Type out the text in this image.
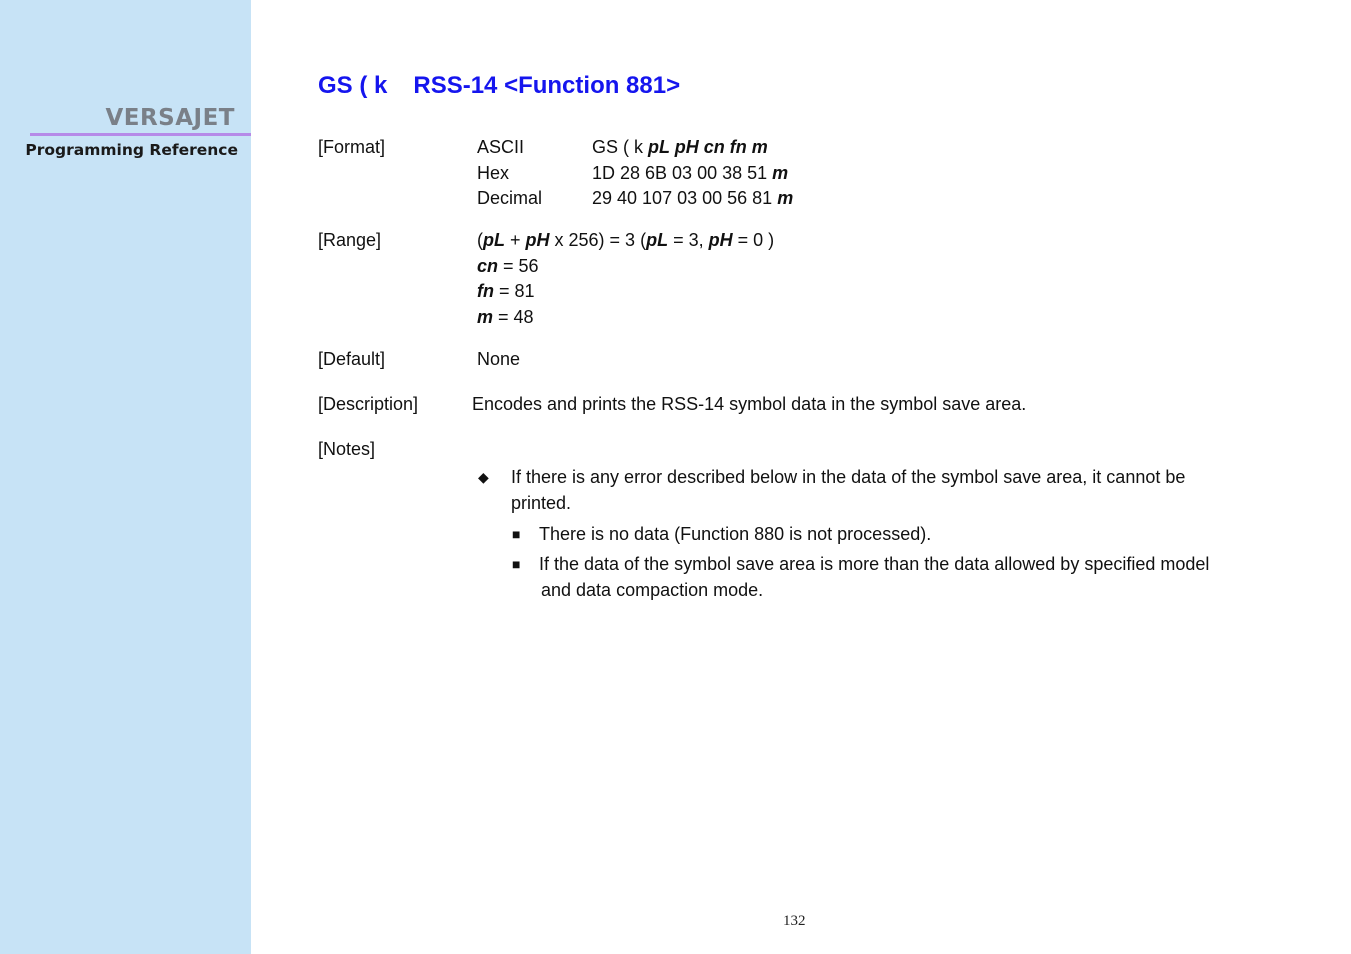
VERSAJET
Programming Reference
GS ( k RSS-14 <Function 881>
[Format]	ASCII	GS ( k pL pH cn fn m
Hex	1D 28 6B 03 00 38 51 m
Decimal	29 40 107 03 00 56 81 m
[Range]	(pL + pH x 256) = 3 (pL = 3, pH = 0 )
cn = 56
fn = 81
m = 48
[Default]	None
[Description]	Encodes and prints the RSS-14 symbol data in the symbol save area.
[Notes]
◆ If there is any error described below in the data of the symbol save area, it cannot be
printed.
■ There is no data (Function 880 is not processed).
■ If the data of the symbol save area is more than the data allowed by specified model
and data compaction mode.
132
